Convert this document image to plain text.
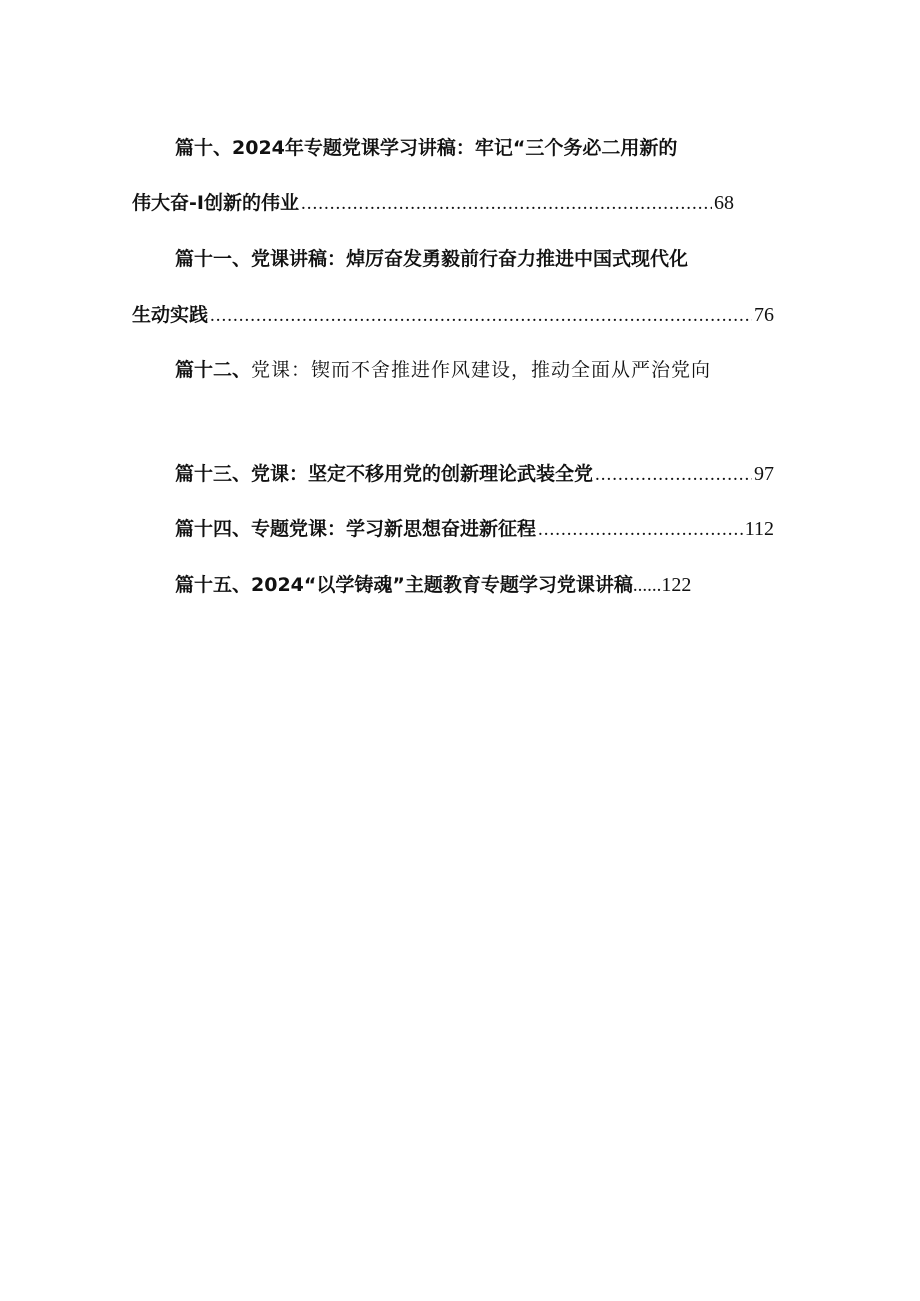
篇十、2024年专题党课学习讲稿：牢记“三个务必二用新的
伟大奋-I创新的伟业 .....	68
篇十一、党课讲稿：焯厉奋发勇毅前行奋力推进中国式现代化
生动实践 .....	76
篇十二、党课：锲而不舍推进作风建设，推动全面从严治党向
篇十三、党课：坚定不移用党的创新理论武装全党 .....	97
篇十四、专题党课：学习新思想奋进新征程 .....	112
篇十五、2024“以学铸魂”主题教育专题学习党课讲稿......122
